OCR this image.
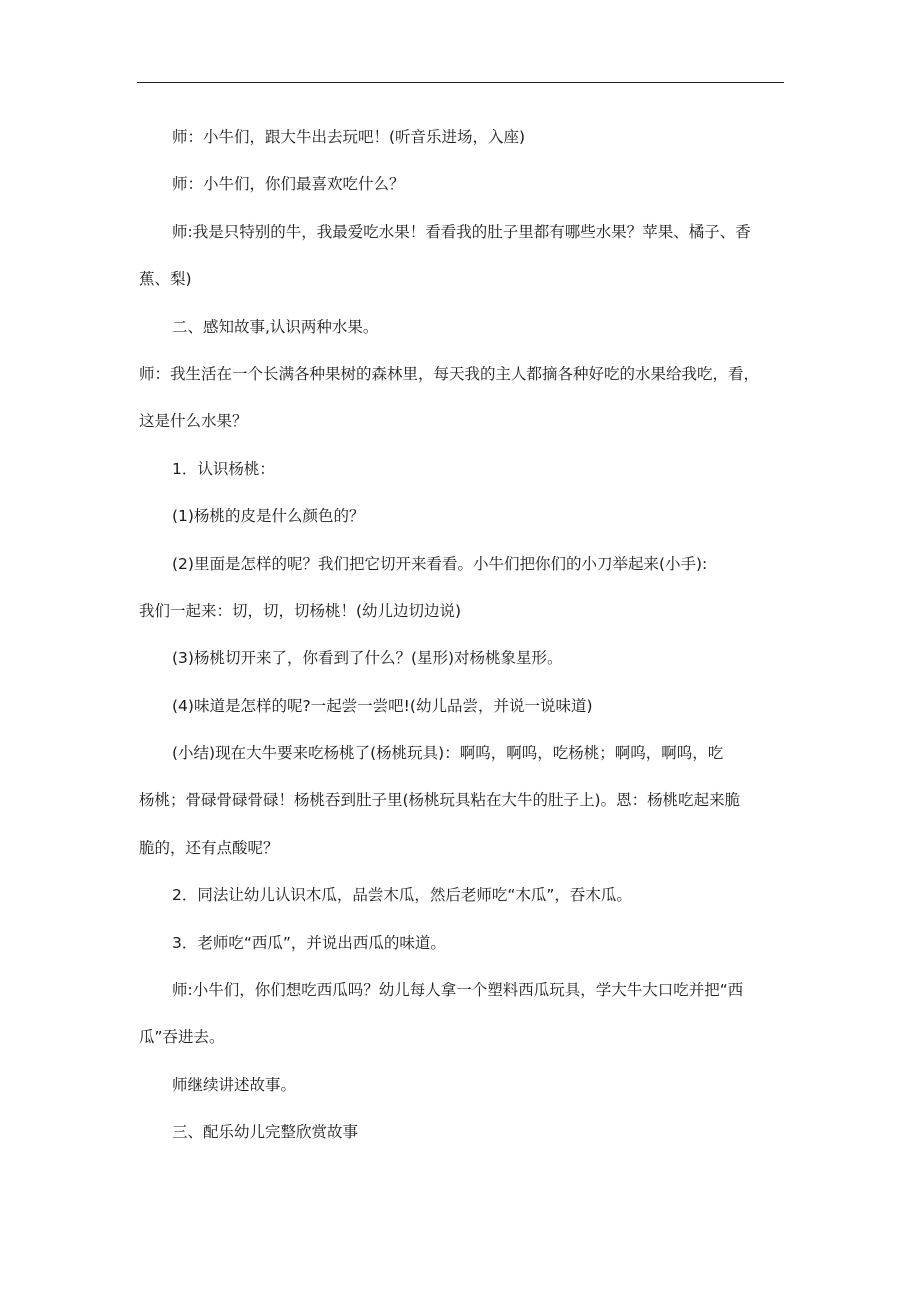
师：小牛们，跟大牛出去玩吧！(听音乐进场，入座)
师：小牛们，你们最喜欢吃什么？
师:我是只特别的牛，我最爱吃水果！看看我的肚子里都有哪些水果？苹果、橘子、香
蕉、梨)
二、感知故事,认识两种水果。
师：我生活在一个长满各种果树的森林里，每天我的主人都摘各种好吃的水果给我吃，看，
这是什么水果？
1．认识杨桃：
(1)杨桃的皮是什么颜色的？
(2)里面是怎样的呢？我们把它切开来看看。小牛们把你们的小刀举起来(小手):
我们一起来：切，切，切杨桃！(幼儿边切边说)
(3)杨桃切开来了，你看到了什么？(星形)对杨桃象星形。
(4)味道是怎样的呢?一起尝一尝吧!(幼儿品尝，并说一说味道)
(小结)现在大牛要来吃杨桃了(杨桃玩具)：啊呜，啊呜，吃杨桃；啊呜，啊呜，吃
杨桃；骨碌骨碌骨碌！杨桃吞到肚子里(杨桃玩具粘在大牛的肚子上)。恩：杨桃吃起来脆
脆的，还有点酸呢？
2．同法让幼儿认识木瓜，品尝木瓜，然后老师吃“木瓜”，吞木瓜。
3．老师吃“西瓜”，并说出西瓜的味道。
师:小牛们，你们想吃西瓜吗？幼儿每人拿一个塑料西瓜玩具，学大牛大口吃并把“西
瓜”吞进去。
师继续讲述故事。
三、配乐幼儿完整欣赏故事
